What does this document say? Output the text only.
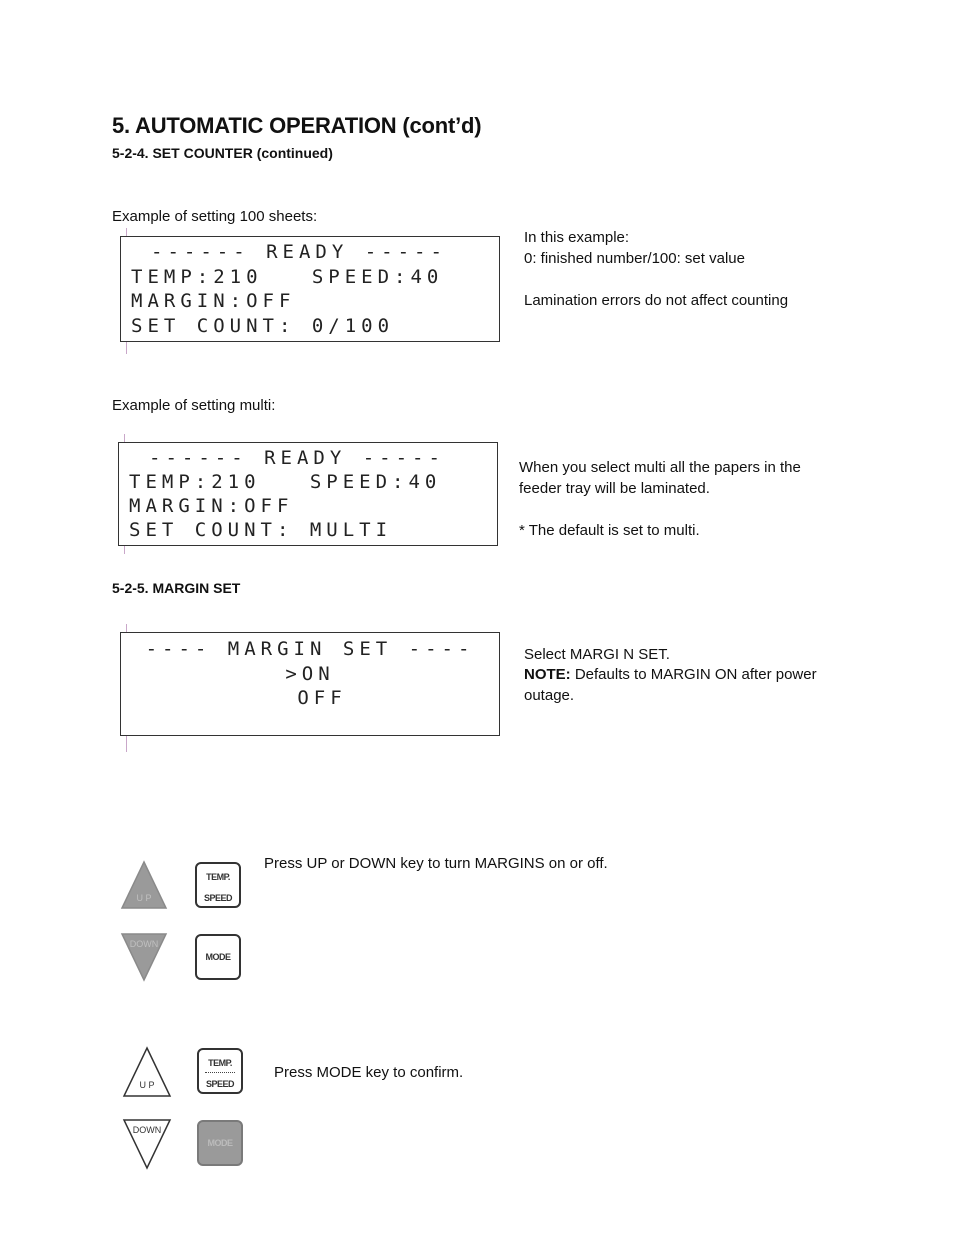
5. AUTOMATIC OPERATION (cont’d)
5-2-4. SET COUNTER (continued)
Example of setting 100 sheets:
------ READY -----
TEMP:210   SPEED:40
MARGIN:OFF
SET COUNT: 0/100
In this example:
0: finished number/100: set value
Lamination errors do not affect counting
Example of setting multi:
------ READY -----
TEMP:210   SPEED:40
MARGIN:OFF
SET COUNT: MULTI
When you select multi all the papers in the
feeder tray will be laminated.
* The default is set to multi.
5-2-5. MARGIN SET
---- MARGIN SET ----
>ON
OFF
Select MARGI N SET.
NOTE: Defaults to MARGIN ON after power
outage.
U P
TEMP.
SPEED
DOWN
MODE
Press UP or DOWN key to turn MARGINS on or off.
U P
TEMP.
SPEED
DOWN
MODE
Press MODE key to confirm.
